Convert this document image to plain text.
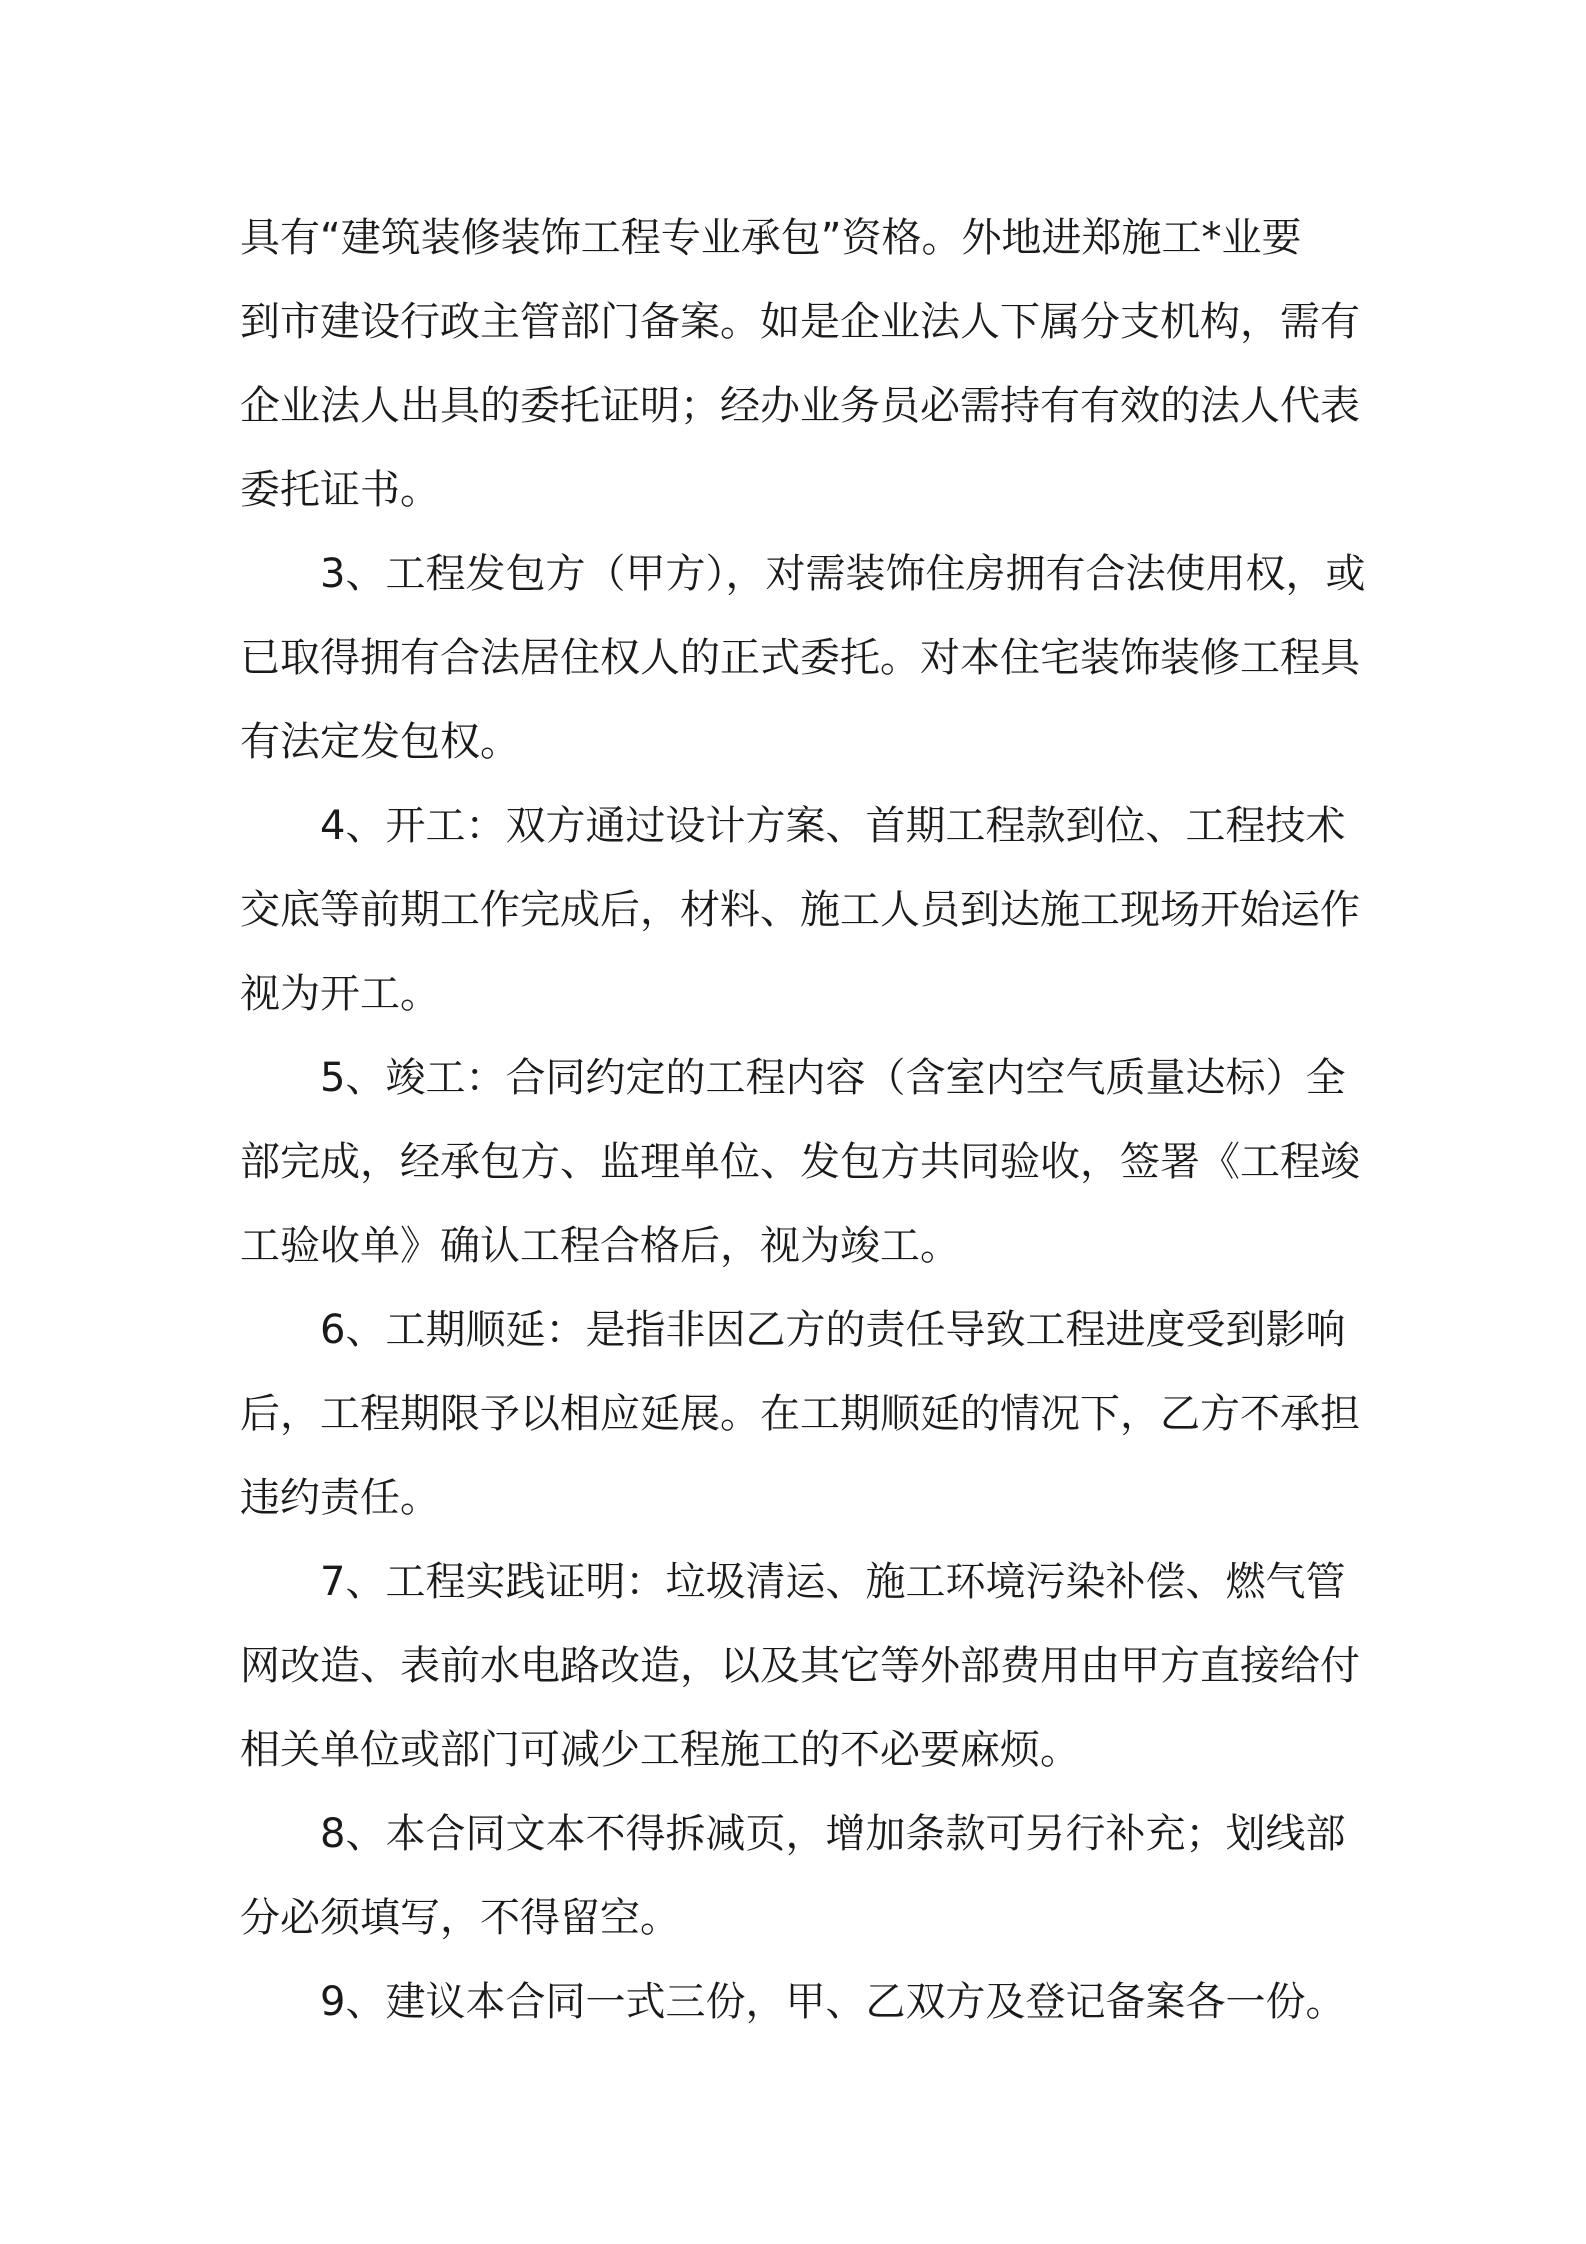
具有“建筑装修装饰工程专业承包”资格。外地进郑施工*业要
到市建设行政主管部门备案。如是企业法人下属分支机构，需有
企业法人出具的委托证明；经办业务员必需持有有效的法人代表
委托证书。
3、工程发包方（甲方），对需装饰住房拥有合法使用权，或
已取得拥有合法居住权人的正式委托。对本住宅装饰装修工程具
有法定发包权。
4、开工：双方通过设计方案、首期工程款到位、工程技术
交底等前期工作完成后，材料、施工人员到达施工现场开始运作
视为开工。
5、竣工：合同约定的工程内容（含室内空气质量达标）全
部完成，经承包方、监理单位、发包方共同验收，签署《工程竣
工验收单》确认工程合格后，视为竣工。
6、工期顺延：是指非因乙方的责任导致工程进度受到影响
后，工程期限予以相应延展。在工期顺延的情况下，乙方不承担
违约责任。
7、工程实践证明：垃圾清运、施工环境污染补偿、燃气管
网改造、表前水电路改造，以及其它等外部费用由甲方直接给付
相关单位或部门可减少工程施工的不必要麻烦。
8、本合同文本不得拆减页，增加条款可另行补充；划线部
分必须填写，不得留空。
9、建议本合同一式三份，甲、乙双方及登记备案各一份。
